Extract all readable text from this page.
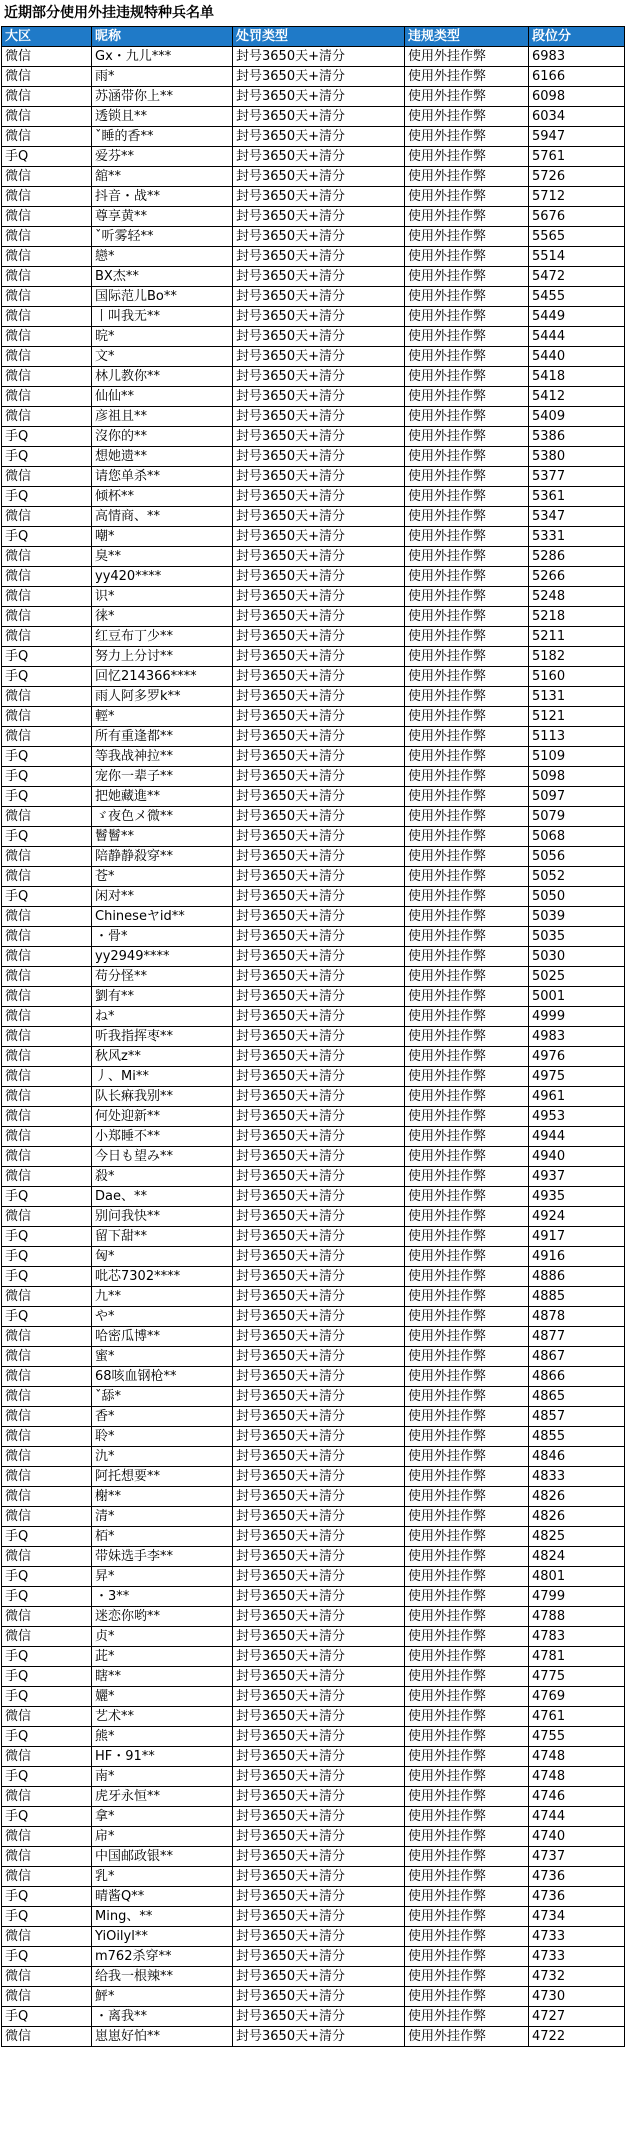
近期部分使用外挂违规特种兵名单
大区	昵称	处罚类型	违规类型	段位分
微信	Gx・九儿***	封号3650天+清分	使用外挂作弊	6983
微信	雨*	封号3650天+清分	使用外挂作弊	6166
微信	苏涵带你上**	封号3650天+清分	使用外挂作弊	6098
微信	透锁且**	封号3650天+清分	使用外挂作弊	6034
微信	ˇ睡的香**	封号3650天+清分	使用外挂作弊	5947
手Q	爱芬**	封号3650天+清分	使用外挂作弊	5761
微信	舘**	封号3650天+清分	使用外挂作弊	5726
微信	抖音・战**	封号3650天+清分	使用外挂作弊	5712
微信	尊享黄**	封号3650天+清分	使用外挂作弊	5676
微信	ˇ听雾轻**	封号3650天+清分	使用外挂作弊	5565
微信	戀*	封号3650天+清分	使用外挂作弊	5514
微信	BX杰**	封号3650天+清分	使用外挂作弊	5472
微信	国际范儿Bo**	封号3650天+清分	使用外挂作弊	5455
微信	丨叫我无**	封号3650天+清分	使用外挂作弊	5449
微信	晥*	封号3650天+清分	使用外挂作弊	5444
微信	文*	封号3650天+清分	使用外挂作弊	5440
微信	林儿教你**	封号3650天+清分	使用外挂作弊	5418
微信	仙仙**	封号3650天+清分	使用外挂作弊	5412
微信	彦祖且**	封号3650天+清分	使用外挂作弊	5409
手Q	沒你的**	封号3650天+清分	使用外挂作弊	5386
手Q	想她遗**	封号3650天+清分	使用外挂作弊	5380
微信	请您单杀**	封号3650天+清分	使用外挂作弊	5377
手Q	倾杯**	封号3650天+清分	使用外挂作弊	5361
微信	高情商、**	封号3650天+清分	使用外挂作弊	5347
手Q	嘲*	封号3650天+清分	使用外挂作弊	5331
微信	臭**	封号3650天+清分	使用外挂作弊	5286
微信	yy420****	封号3650天+清分	使用外挂作弊	5266
微信	识*	封号3650天+清分	使用外挂作弊	5248
微信	徕*	封号3650天+清分	使用外挂作弊	5218
微信	红豆布丁少**	封号3650天+清分	使用外挂作弊	5211
手Q	努力上分讨**	封号3650天+清分	使用外挂作弊	5182
手Q	回忆214366****	封号3650天+清分	使用外挂作弊	5160
微信	雨人阿多罗k**	封号3650天+清分	使用外挂作弊	5131
微信	輕*	封号3650天+清分	使用外挂作弊	5121
微信	所有重逢都**	封号3650天+清分	使用外挂作弊	5113
手Q	等我战神拉**	封号3650天+清分	使用外挂作弊	5109
手Q	宠你一辈子**	封号3650天+清分	使用外挂作弊	5098
手Q	把她藏進**	封号3650天+清分	使用外挂作弊	5097
微信	ゞ夜色メ微**	封号3650天+清分	使用外挂作弊	5079
手Q	鬙鬙**	封号3650天+清分	使用外挂作弊	5068
微信	陪静静殺穿**	封号3650天+清分	使用外挂作弊	5056
微信	苍*	封号3650天+清分	使用外挂作弊	5052
手Q	闲对**	封号3650天+清分	使用外挂作弊	5050
微信	Chineseヤid**	封号3650天+清分	使用外挂作弊	5039
微信	・骨*	封号3650天+清分	使用外挂作弊	5035
微信	yy2949****	封号3650天+清分	使用外挂作弊	5030
微信	苟分怪**	封号3650天+清分	使用外挂作弊	5025
微信	劉有**	封号3650天+清分	使用外挂作弊	5001
微信	ね*	封号3650天+清分	使用外挂作弊	4999
微信	听我指挥枣**	封号3650天+清分	使用外挂作弊	4983
微信	秋风z**	封号3650天+清分	使用外挂作弊	4976
微信	丿、Mi**	封号3650天+清分	使用外挂作弊	4975
微信	队长痳我别**	封号3650天+清分	使用外挂作弊	4961
微信	何处迎新**	封号3650天+清分	使用外挂作弊	4953
微信	小郑睡不**	封号3650天+清分	使用外挂作弊	4944
微信	今日も望み**	封号3650天+清分	使用外挂作弊	4940
微信	殺*	封号3650天+清分	使用外挂作弊	4937
手Q	Dae、**	封号3650天+清分	使用外挂作弊	4935
微信	别问我快**	封号3650天+清分	使用外挂作弊	4924
手Q	留下甜**	封号3650天+清分	使用外挂作弊	4917
手Q	匈*	封号3650天+清分	使用外挂作弊	4916
手Q	吡芯7302****	封号3650天+清分	使用外挂作弊	4886
微信	九**	封号3650天+清分	使用外挂作弊	4885
手Q	や*	封号3650天+清分	使用外挂作弊	4878
微信	哈密瓜博**	封号3650天+清分	使用外挂作弊	4877
微信	蜜*	封号3650天+清分	使用外挂作弊	4867
微信	68咳血钢枪**	封号3650天+清分	使用外挂作弊	4866
微信	ˇ舔*	封号3650天+清分	使用外挂作弊	4865
微信	香*	封号3650天+清分	使用外挂作弊	4857
微信	聆*	封号3650天+清分	使用外挂作弊	4855
微信	氿*	封号3650天+清分	使用外挂作弊	4846
微信	阿托想要**	封号3650天+清分	使用外挂作弊	4833
微信	榭**	封号3650天+清分	使用外挂作弊	4826
微信	清*	封号3650天+清分	使用外挂作弊	4826
手Q	栢*	封号3650天+清分	使用外挂作弊	4825
微信	带妹选手李**	封号3650天+清分	使用外挂作弊	4824
手Q	昇*	封号3650天+清分	使用外挂作弊	4801
手Q	・3**	封号3650天+清分	使用外挂作弊	4799
微信	迷恋你哟**	封号3650天+清分	使用外挂作弊	4788
微信	贞*	封号3650天+清分	使用外挂作弊	4783
手Q	茈*	封号3650天+清分	使用外挂作弊	4781
手Q	瞎**	封号3650天+清分	使用外挂作弊	4775
手Q	孋*	封号3650天+清分	使用外挂作弊	4769
微信	艺术**	封号3650天+清分	使用外挂作弊	4761
手Q	熊*	封号3650天+清分	使用外挂作弊	4755
微信	HF・91**	封号3650天+清分	使用外挂作弊	4748
手Q	南*	封号3650天+清分	使用外挂作弊	4748
微信	虎牙永恒**	封号3650天+清分	使用外挂作弊	4746
手Q	拿*	封号3650天+清分	使用外挂作弊	4744
微信	帍*	封号3650天+清分	使用外挂作弊	4740
微信	中国邮政银**	封号3650天+清分	使用外挂作弊	4737
微信	乳*	封号3650天+清分	使用外挂作弊	4736
手Q	晴酱Q**	封号3650天+清分	使用外挂作弊	4736
手Q	Ming、**	封号3650天+清分	使用外挂作弊	4734
微信	YiOilyl**	封号3650天+清分	使用外挂作弊	4733
手Q	m762杀穿**	封号3650天+清分	使用外挂作弊	4733
微信	给我一根辣**	封号3650天+清分	使用外挂作弊	4732
微信	鮃*	封号3650天+清分	使用外挂作弊	4730
手Q	・离我**	封号3650天+清分	使用外挂作弊	4727
微信	崽崽好怕**	封号3650天+清分	使用外挂作弊	4722
